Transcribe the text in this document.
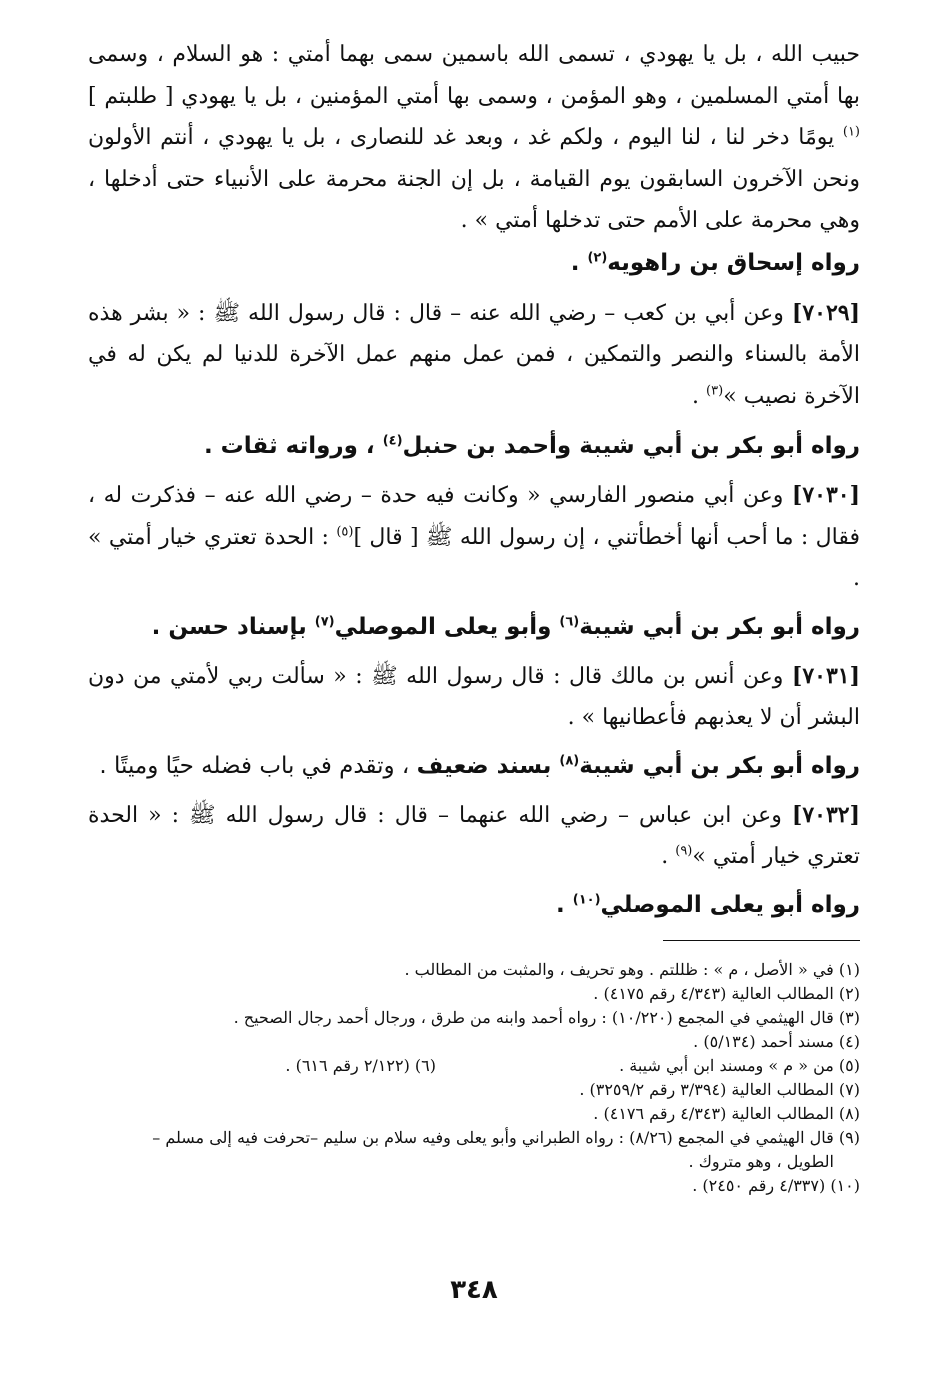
حبيب الله ، بل يا يهودي ، تسمى الله باسمين سمى بهما أمتي : هو السلام ، وسمى بها أمتي المسلمين ، وهو المؤمن ، وسمى بها أمتي المؤمنين ، بل يا يهودي [ طلبتم ]$^{(١)}$ يومًا دخر لنا ، لنا اليوم ، ولكم غد ، وبعد غد للنصارى ، بل يا يهودي ، أنتم الأولون ونحن الآخرون السابقون يوم القيامة ، بل إن الجنة محرمة على الأنبياء حتى أدخلها ، وهي محرمة على الأمم حتى تدخلها أمتي » .

رواه إسحاق بن راهويه$^{(٢)}$ .

[٧٠٢٩] وعن أبي بن كعب – رضي الله عنه – قال : قال رسول الله ﷺ : « بشر هذه الأمة بالسناء والنصر والتمكين ، فمن عمل منهم عمل الآخرة للدنيا لم يكن له في الآخرة نصيب »$^{(٣)}$ .

رواه أبو بكر بن أبي شيبة وأحمد بن حنبل$^{(٤)}$ ، ورواته ثقات .

[٧٠٣٠] وعن أبي منصور الفارسي « وكانت فيه حدة – رضي الله عنه – فذكرت له ، فقال : ما أحب أنها أخطأتني ، إن رسول الله ﷺ [ قال ]$^{(٥)}$ : الحدة تعتري خيار أمتي » .

رواه أبو بكر بن أبي شيبة$^{(٦)}$ وأبو يعلى الموصلي$^{(٧)}$ بإسناد حسن .

[٧٠٣١] وعن أنس بن مالك قال : قال رسول الله ﷺ : « سألت ربي لأمتي من دون البشر أن لا يعذبهم فأعطانيها » .

رواه أبو بكر بن أبي شيبة$^{(٨)}$ بسند ضعيف ، وتقدم في باب فضله حيًا وميتًا .

[٧٠٣٢] وعن ابن عباس – رضي الله عنهما – قال : قال رسول الله ﷺ : « الحدة تعتري خيار أمتي »$^{(٩)}$ .

رواه أبو يعلى الموصلي$^{(١٠)}$ .

(١) في « الأصل ، م » : ظللتم . وهو تحريف ، والمثبت من المطالب .
(٢) المطالب العالية (٤/٣٤٣ رقم ٤١٧٥) .
(٣) قال الهيثمي في المجمع (١٠/٢٢٠) : رواه أحمد وابنه من طرق ، ورجال أحمد رجال الصحيح .
(٤) مسند أحمد (٥/١٣٤) .
(٥) من « م » ومسند ابن أبي شيبة .
(٧) المطالب العالية (٣/٣٩٤ رقم ٣٢٥٩/٢) .
(٨) المطالب العالية (٤/٣٤٣ رقم ٤١٧٦) .
(٩) قال الهيثمي في المجمع (٨/٢٦) : رواه الطبراني وأبو يعلى وفيه سلام بن سليم –تحرفت فيه إلى مسلم –
الطويل ، وهو متروك .
(١٠) (٤/٣٣٧ رقم ٢٤٥٠) .
(٦) (٢/١٢٢ رقم ٦١٦) .
٣٤٨
